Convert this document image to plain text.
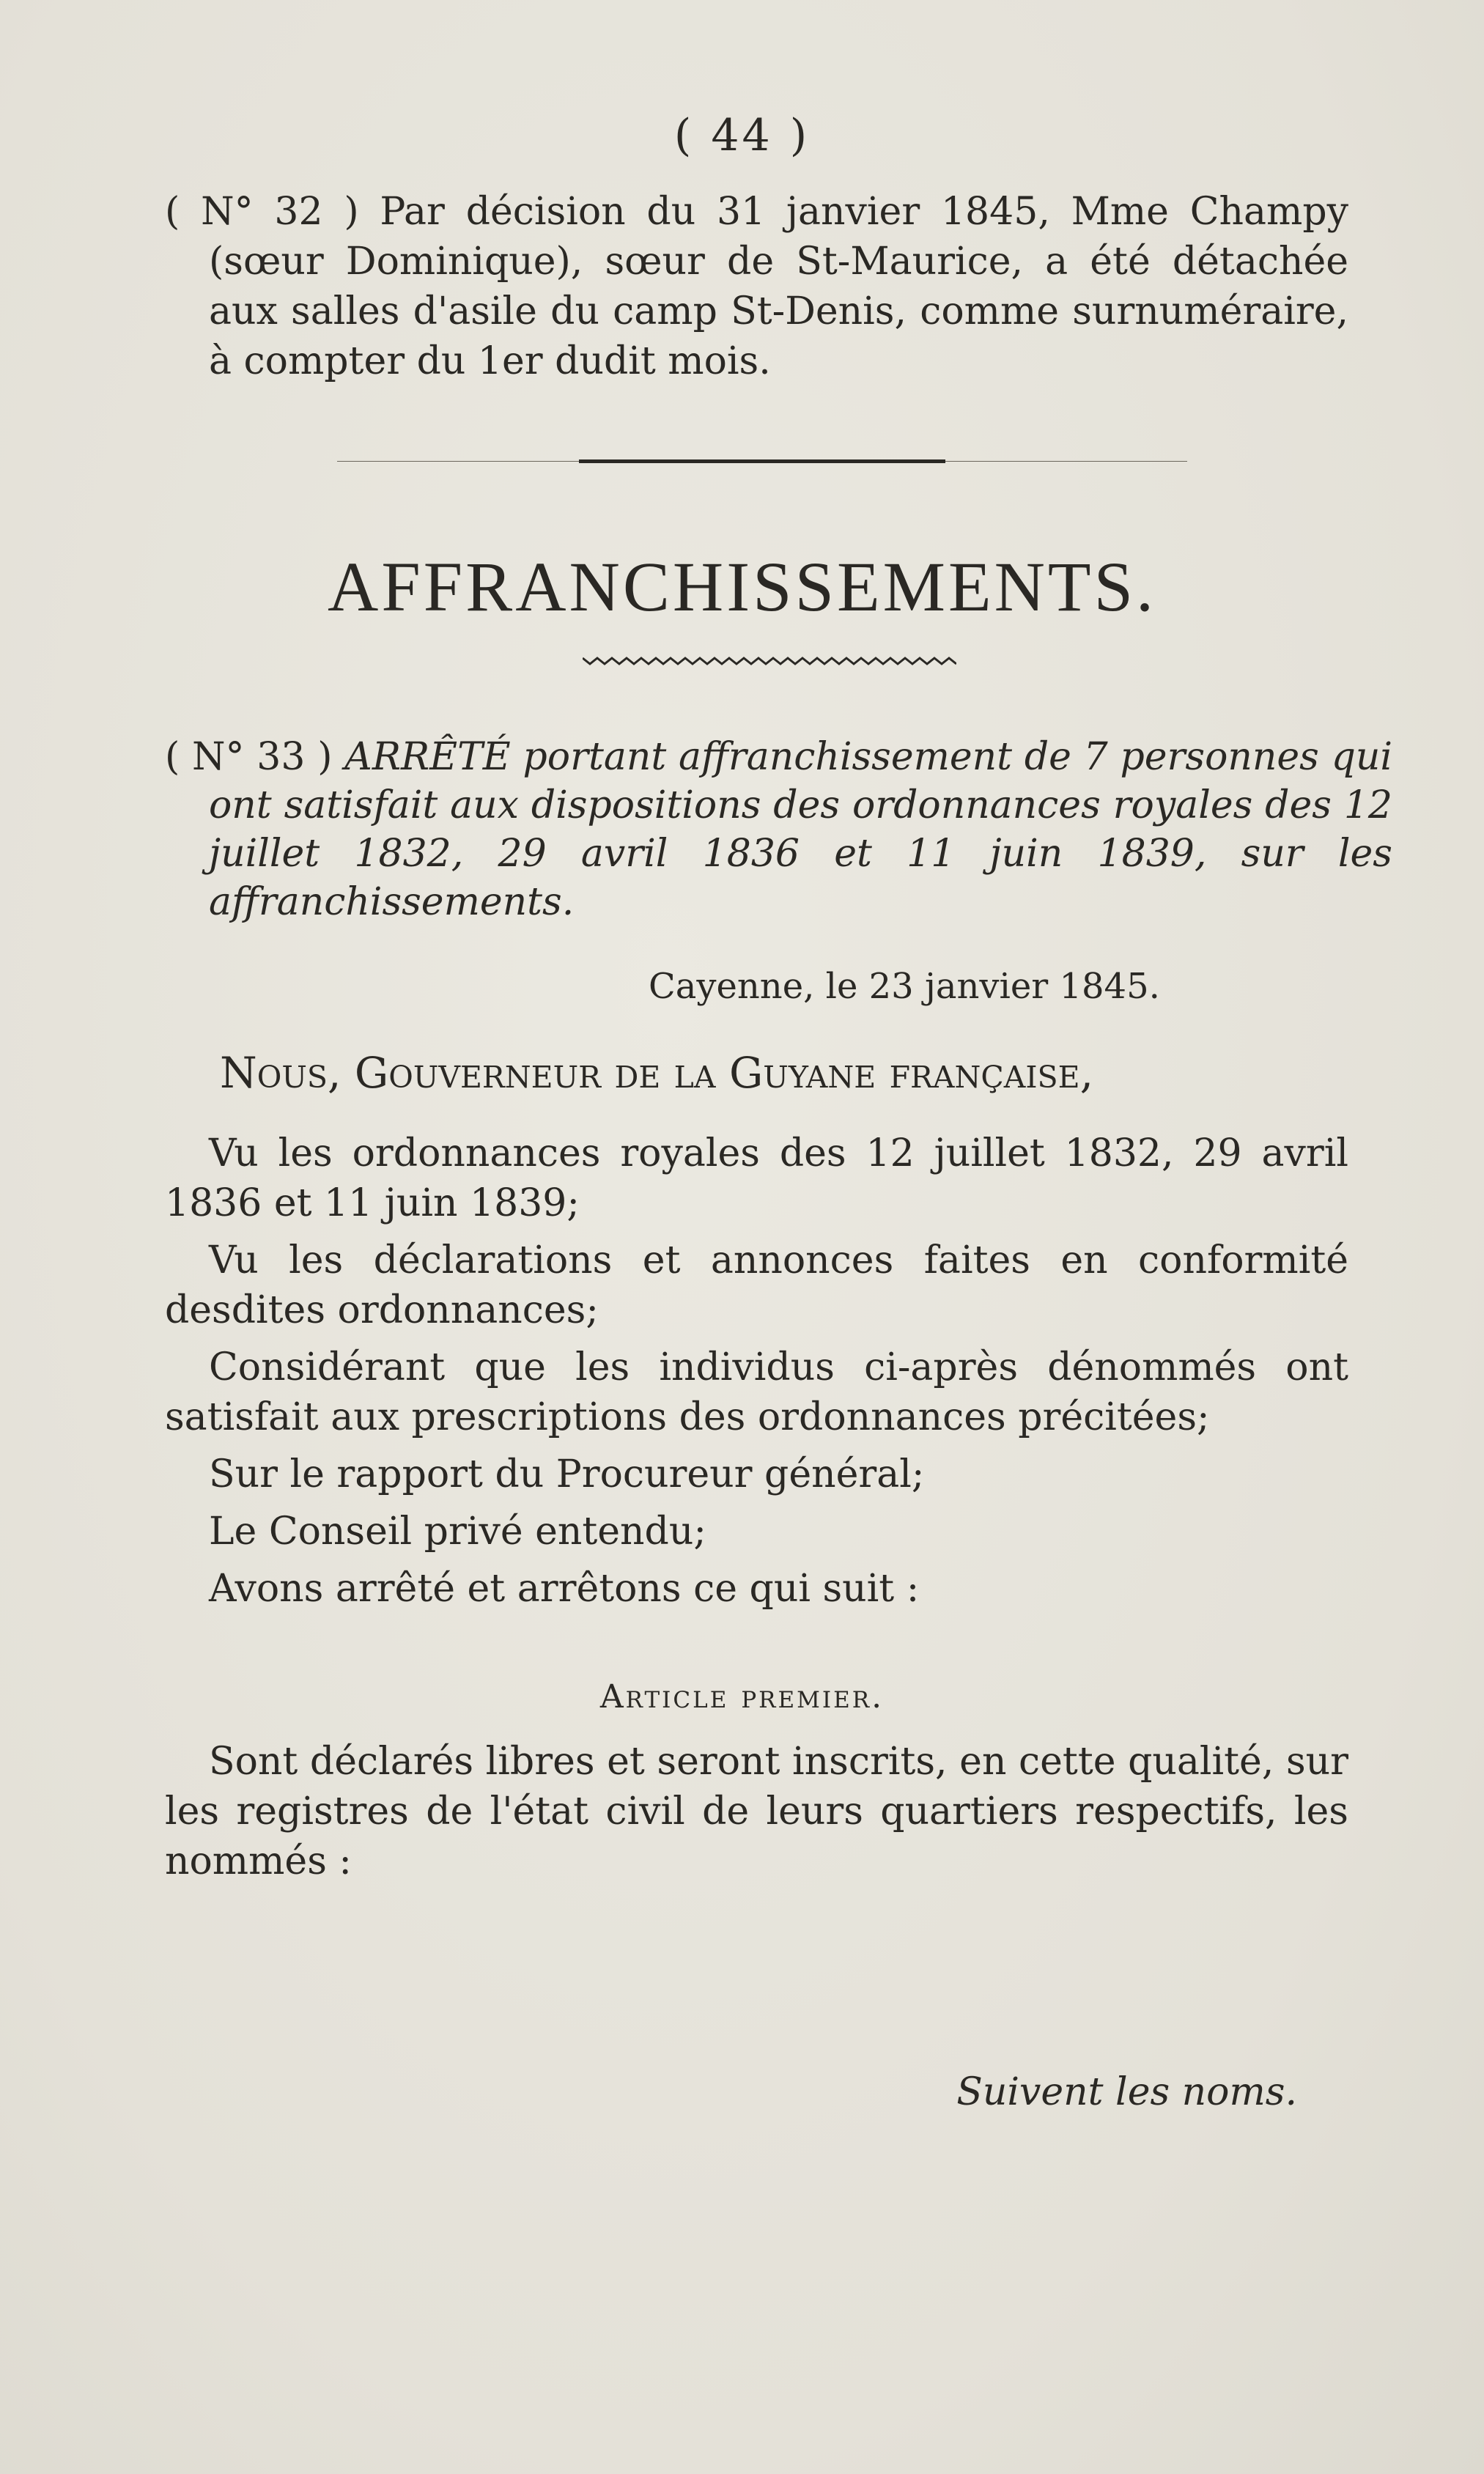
( 44 )

( N° 32 ) Par décision du 31 janvier 1845, Mme Champy (sœur Dominique), sœur de St-Maurice, a été détachée aux salles d'asile du camp St-Denis, comme surnuméraire, à compter du 1er dudit mois.

AFFRANCHISSEMENTS.
( N° 33 ) ARRÊTÉ portant affranchissement de 7 personnes qui ont satisfait aux dispositions des ordonnances royales des 12 juillet 1832, 29 avril 1836 et 11 juin 1839, sur les affranchissements.
Cayenne, le 23 janvier 1845.
Nous, Gouverneur de la Guyane française,

Vu les ordonnances royales des 12 juillet 1832, 29 avril 1836 et 11 juin 1839;

Vu les déclarations et annonces faites en conformité desdites ordonnances;

Considérant que les individus ci-après dénommés ont satisfait aux prescriptions des ordonnances précitées;

Sur le rapport du Procureur général;

Le Conseil privé entendu;

Avons arrêté et arrêtons ce qui suit :

Article premier.

Sont déclarés libres et seront inscrits, en cette qualité, sur les registres de l'état civil de leurs quartiers respectifs, les nommés :

Suivent les noms.
